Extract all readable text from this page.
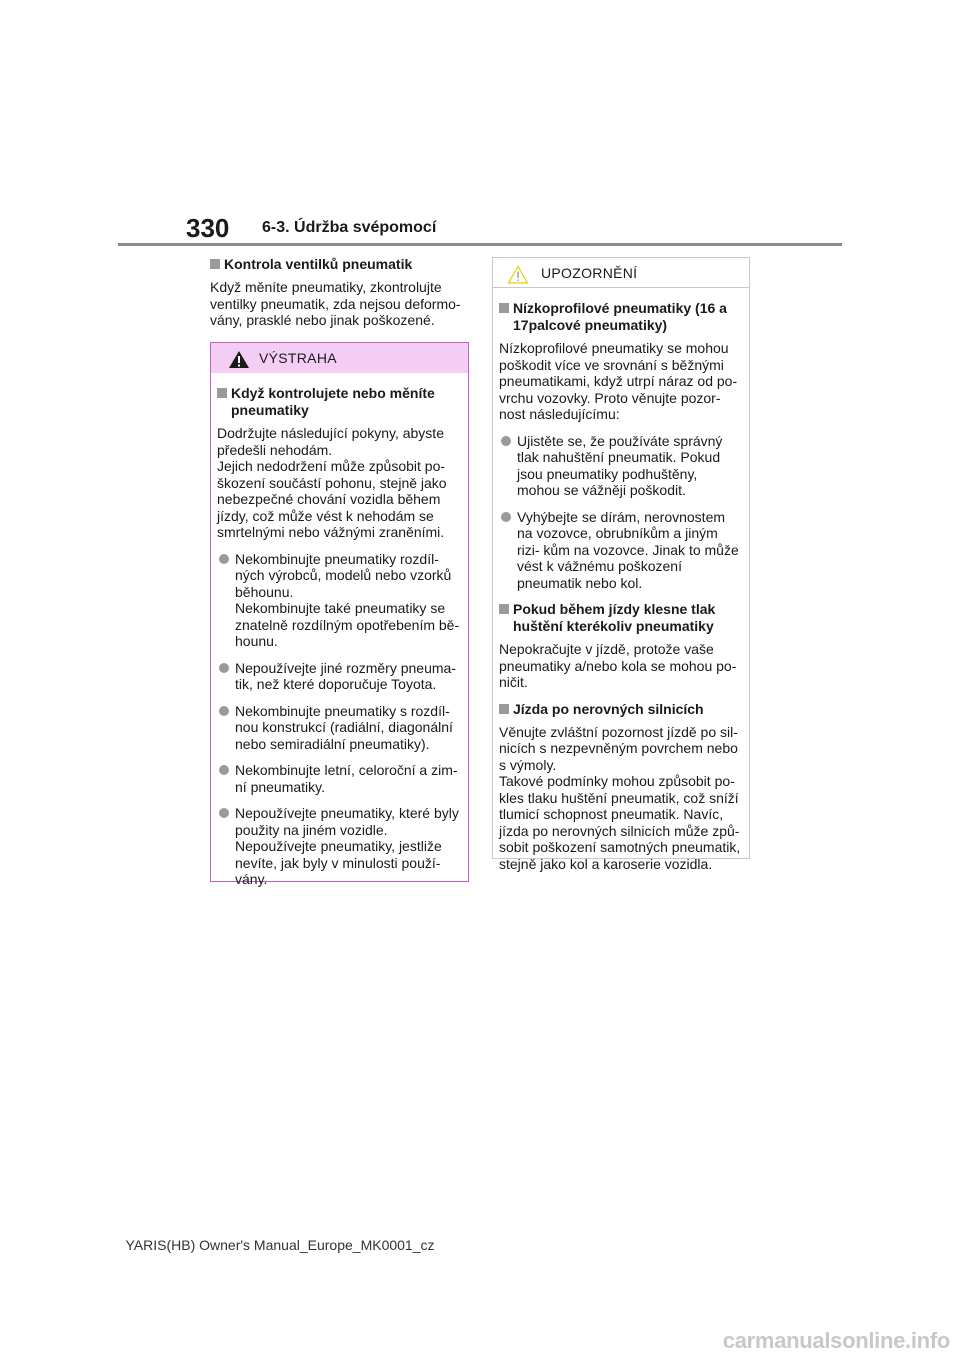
330 6-3. Údržba svépomocí
Kontrola ventilků pneumatik
Když měníte pneumatiky, zkontrolujte ventilky pneumatik, zda nejsou deformo- vány, prasklé nebo jinak poškozené.
VÝSTRAHA
Když kontrolujete nebo měníte pneumatiky
Dodržujte následující pokyny, abyste předešli nehodám.
Jejich nedodržení může způsobit po- škození součástí pohonu, stejně jako nebezpečné chování vozidla během jízdy, což může vést k nehodám se smrtelnými nebo vážnými zraněními.
Nekombinujte pneumatiky rozdíl- ných výrobců, modelů nebo vzorků běhounu.
Nekombinujte také pneumatiky se znatelně rozdílným opotřebením bě- hounu.
Nepoužívejte jiné rozměry pneuma- tik, než které doporučuje Toyota.
Nekombinujte pneumatiky s rozdíl- nou konstrukcí (radiální, diagonální nebo semiradiální pneumatiky).
Nekombinujte letní, celoroční a zim- ní pneumatiky.
Nepoužívejte pneumatiky, které byly použity na jiném vozidle.
Nepoužívejte pneumatiky, jestliže nevíte, jak byly v minulosti použí- vány.
UPOZORNĚNÍ
Nízkoprofilové pneumatiky (16 a 17palcové pneumatiky)
Nízkoprofilové pneumatiky se mohou poškodit více ve srovnání s běžnými pneumatikami, když utrpí náraz od po- vrchu vozovky. Proto věnujte pozor- nost následujícímu:
Ujistěte se, že používáte správný tlak nahuštění pneumatik. Pokud jsou pneumatiky podhuštěny, mohou se vážněji poškodit.
Vyhýbejte se dírám, nerovnostem na vozovce, obrubníkům a jiným rizi- kům na vozovce. Jinak to může vést k vážnému poškození pneumatik nebo kol.
Pokud během jízdy klesne tlak huštění kterékoliv pneumatiky
Nepokračujte v jízdě, protože vaše pneumatiky a/nebo kola se mohou po- ničit.
Jízda po nerovných silnicích
Věnujte zvláštní pozornost jízdě po sil- nicích s nezpevněným povrchem nebo s výmoly.
Takové podmínky mohou způsobit po- kles tlaku huštění pneumatik, což sníží tlumicí schopnost pneumatik. Navíc, jízda po nerovných silnicích může způ- sobit poškození samotných pneumatik, stejně jako kol a karoserie vozidla.
YARIS(HB) Owner's Manual_Europe_MK0001_cz
carmanualsonline.info
